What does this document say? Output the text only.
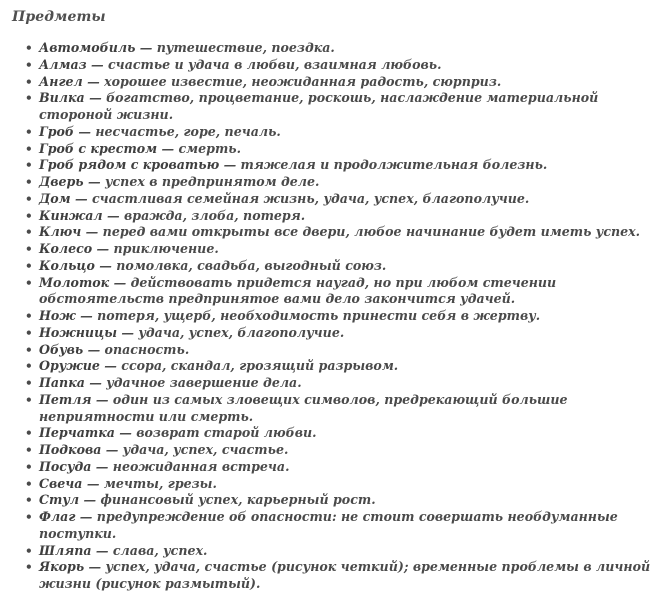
Предметы
• Автомобиль — путешествие, поездка.
• Алмаз — счастье и удача в любви, взаимная любовь.
• Ангел — хорошее известие, неожиданная радость, сюрприз.
• Вилка — богатство, процветание, роскошь, наслаждение материальной стороной жизни.
• Гроб — несчастье, горе, печаль.
• Гроб с крестом — смерть.
• Гроб рядом с кроватью — тяжелая и продолжительная болезнь.
• Дверь — успех в предпринятом деле.
• Дом — счастливая семейная жизнь, удача, успех, благополучие.
• Кинжал — вражда, злоба, потеря.
• Ключ — перед вами открыты все двери, любое начинание будет иметь успех.
• Колесо — приключение.
• Кольцо — помолвка, свадьба, выгодный союз.
• Молоток — действовать придется наугад, но при любом стечении обстоятельств предпринятое вами дело закончится удачей.
• Нож — потеря, ущерб, необходимость принести себя в жертву.
• Ножницы — удача, успех, благополучие.
• Обувь — опасность.
• Оружие — ссора, скандал, грозящий разрывом.
• Папка — удачное завершение дела.
• Петля — один из самых зловещих символов, предрекающий большие неприятности или смерть.
• Перчатка — возврат старой любви.
• Подкова — удача, успех, счастье.
• Посуда — неожиданная встреча.
• Свеча — мечты, грезы.
• Стул — финансовый успех, карьерный рост.
• Флаг — предупреждение об опасности: не стоит совершать необдуманные поступки.
• Шляпа — слава, успех.
• Якорь — успех, удача, счастье (рисунок четкий); временные проблемы в личной жизни (рисунок размытый).
